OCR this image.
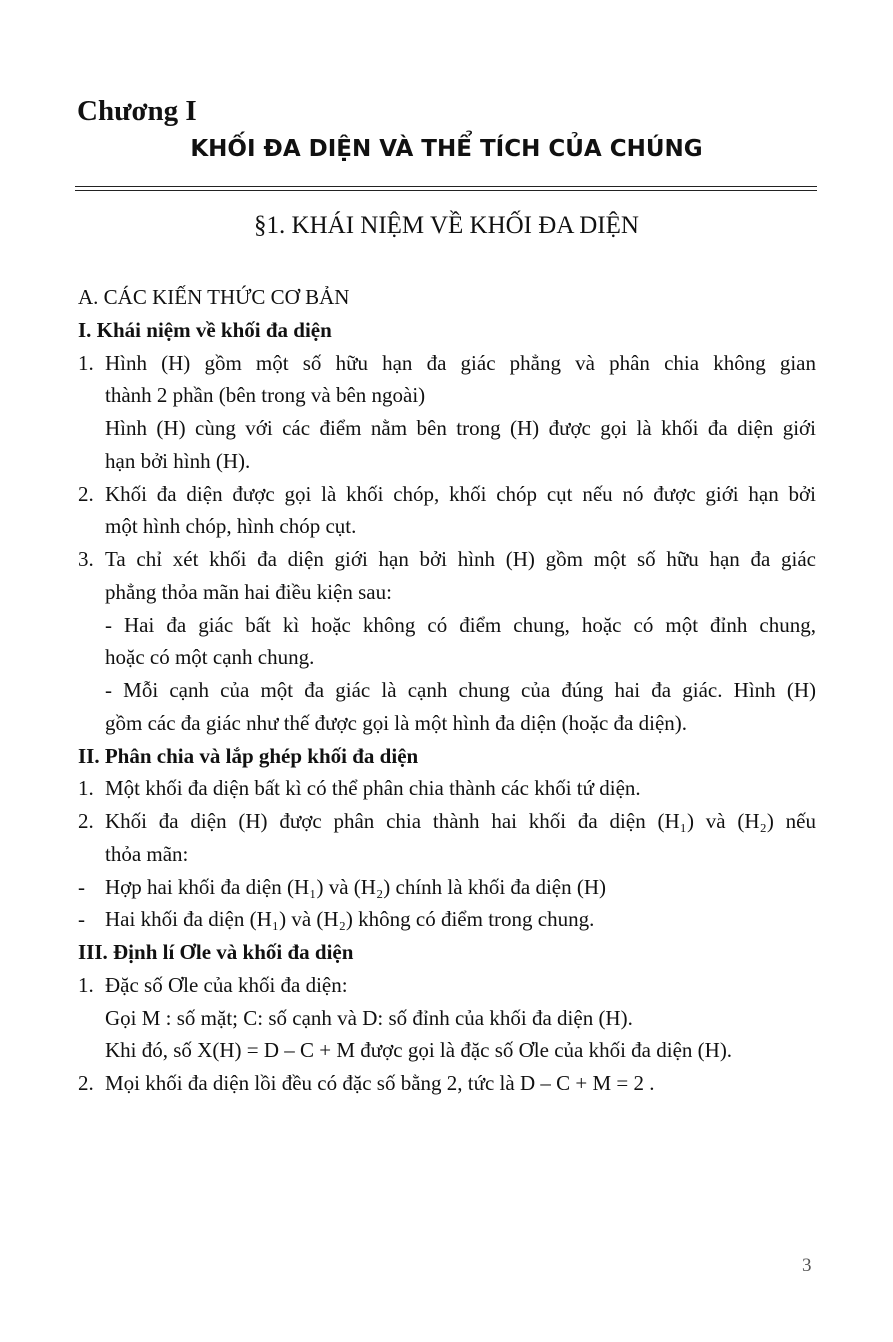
Chương I
KHỐI ĐA DIỆN VÀ THỂ TÍCH CỦA CHÚNG
§1. KHÁI NIỆM VỀ KHỐI ĐA DIỆN
A. CÁC KIẾN THỨC CƠ BẢN
I. Khái niệm về khối đa diện
1. Hình (H) gồm một số hữu hạn đa giác phẳng và phân chia không gian
thành 2 phần (bên trong và bên ngoài)
Hình (H) cùng với các điểm nằm bên trong (H) được gọi là khối đa diện giới
hạn bởi hình (H).
2. Khối đa diện được gọi là khối chóp, khối chóp cụt nếu nó được giới hạn bởi
một hình chóp, hình chóp cụt.
3. Ta chỉ xét khối đa diện giới hạn bởi hình (H) gồm một số hữu hạn đa giác
phẳng thỏa mãn hai điều kiện sau:
- Hai đa giác bất kì hoặc không có điểm chung, hoặc có một đỉnh chung,
hoặc có một cạnh chung.
- Mỗi cạnh của một đa giác là cạnh chung của đúng hai đa giác. Hình (H)
gồm các đa giác như thế được gọi là một hình đa diện (hoặc đa diện).
II. Phân chia và lắp ghép khối đa diện
1. Một khối đa diện bất kì có thể phân chia thành các khối tứ diện.
2. Khối đa diện (H) được phân chia thành hai khối đa diện (H₁) và (H₂) nếu
thỏa mãn:
- Hợp hai khối đa diện (H₁) và (H₂) chính là khối đa diện (H)
- Hai khối đa diện (H₁) và (H₂) không có điểm trong chung.
III. Định lí Ơle và khối đa diện
1. Đặc số Ơle của khối đa diện:
Gọi M : số mặt; C: số cạnh và D: số đỉnh của khối đa diện (H).
Khi đó, số X(H) = D – C + M được gọi là đặc số Ơle của khối đa diện (H).
2. Mọi khối đa diện lồi đều có đặc số bằng 2, tức là D – C + M = 2 .
3
